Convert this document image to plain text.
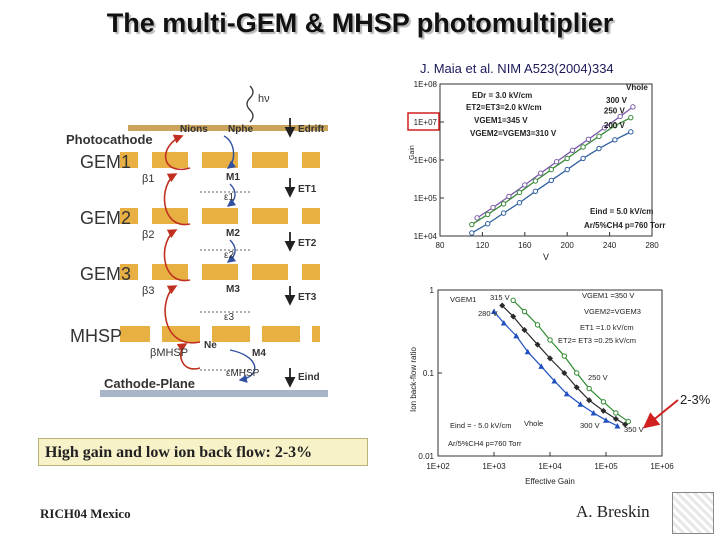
The multi-GEM & MHSP photomultiplier
J. Maia et al. NIM A523(2004)334
Photocathode
GEM1
GEM2
GEM3
MHSP
Cathode-Plane
hν
Nions Nphe
β1
β2
β3
βMHSP
ε1
ε2
ε3
εMHSP
M1
M2
M3
M4
Ne
Edrift
ET1
ET2
ET3
Eind
80	120	160	200	240	280
1E+04
1E+05
1E+06
1E+07
1E+08
V
Gain
300 V
250 V
200 V
EDr = 3.0 kV/cm
ET2=ET3=2.0 kV/cm
VGEM1=345 V
VGEM2=VGEM3=310 V
Eind = 5.0 kV/cm
Ar/5%CH4 p=760 Torr
Vhole
1E+02	1E+03	1E+04	1E+05	1E+06
0.01
0.1
1
Effective Gain
Ion back-flow ratio
VGEM1 315 V
280 V
VGEM1 =350 V
VGEM2=VGEM3
ET1 =1.0 kV/cm
ET2= ET3 =0.25 kV/cm
250 V
Eind = - 5.0 kV/cm Vhole	300 V	350 V
Ar/5%CH4 p=760 Torr
2-3%
High gain and low ion back flow: 2-3%
RICH04 Mexico	A. Breskin
